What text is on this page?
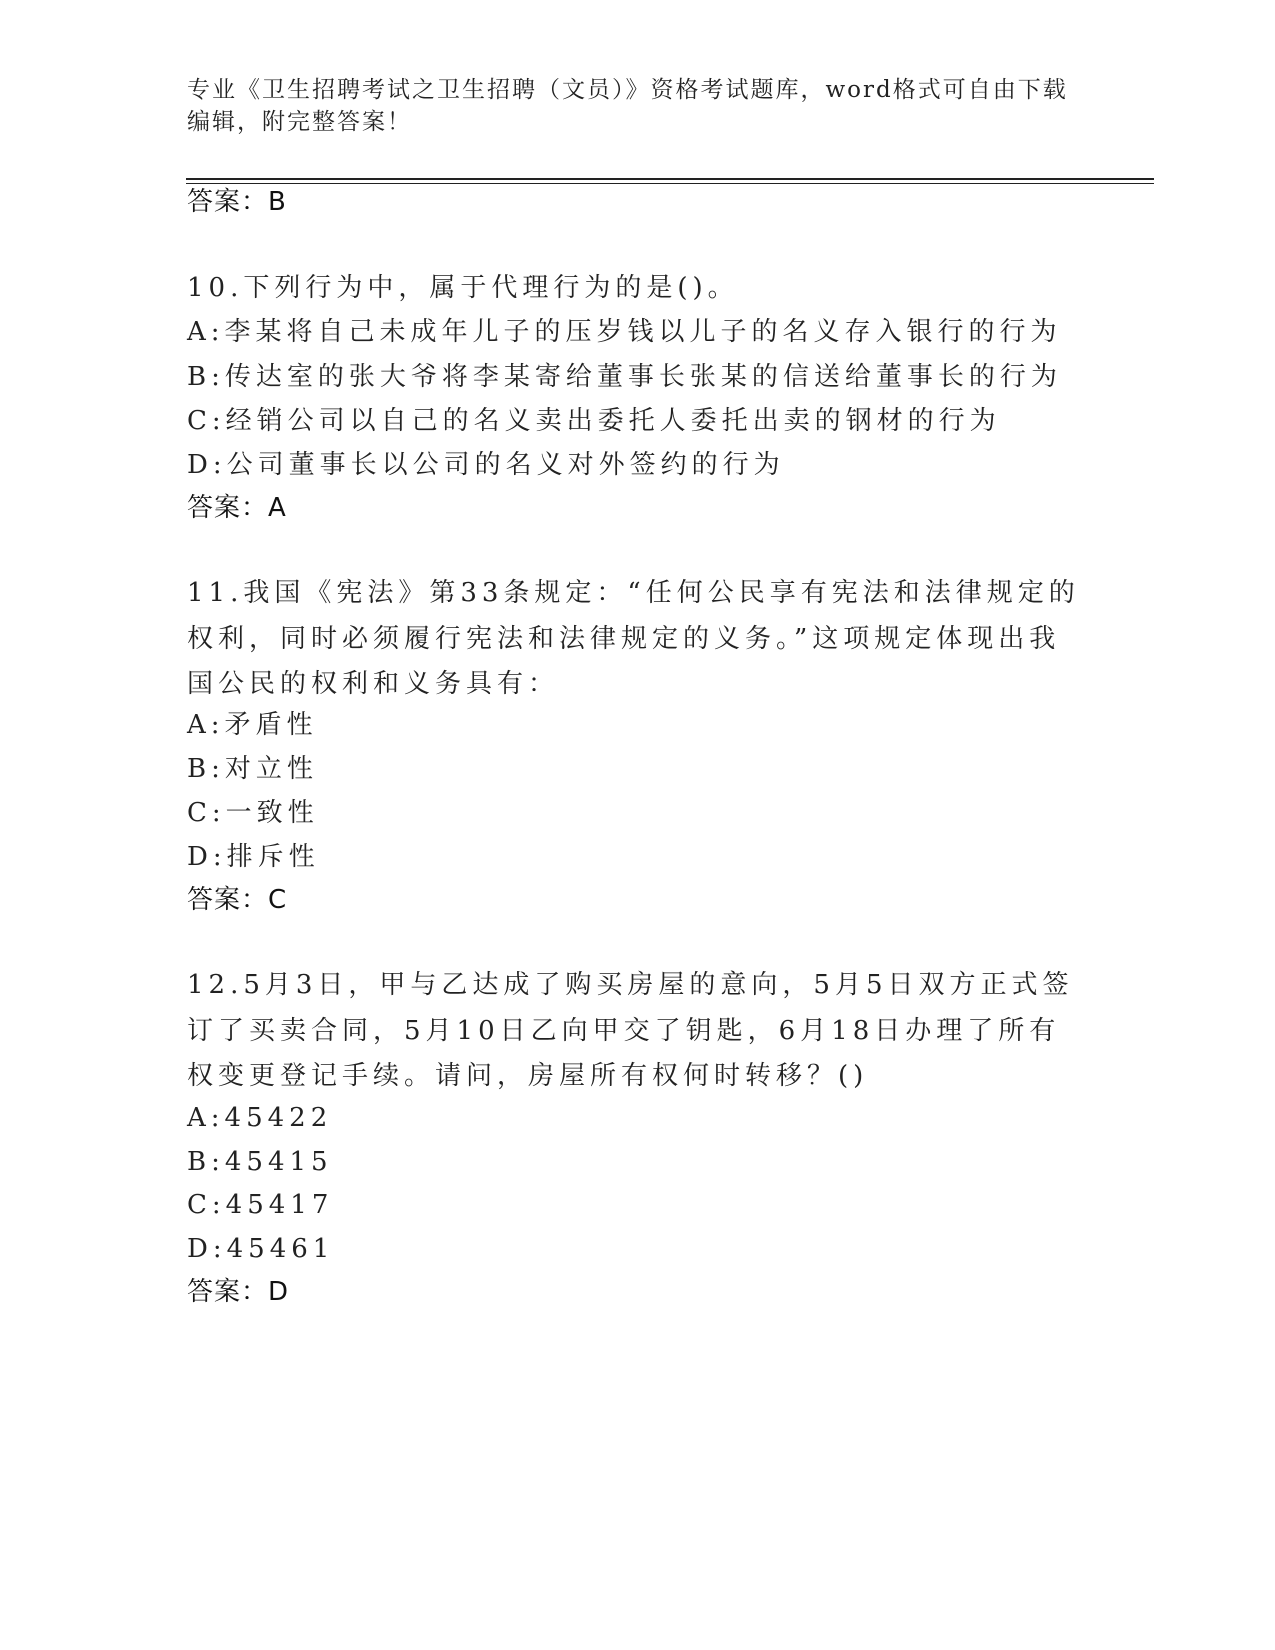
专业《卫生招聘考试之卫生招聘（文员）》资格考试题库，word格式可自由下载编辑，附完整答案！
答案：B
10.下列行为中，属于代理行为的是()。
A:李某将自己未成年儿子的压岁钱以儿子的名义存入银行的行为
B:传达室的张大爷将李某寄给董事长张某的信送给董事长的行为
C:经销公司以自己的名义卖出委托人委托出卖的钢材的行为
D:公司董事长以公司的名义对外签约的行为
答案：A
11.我国《宪法》第33条规定：“任何公民享有宪法和法律规定的权利，同时必须履行宪法和法律规定的义务。”这项规定体现出我国公民的权利和义务具有：
A:矛盾性
B:对立性
C:一致性
D:排斥性
答案：C
12.5月3日，甲与乙达成了购买房屋的意向，5月5日双方正式签订了买卖合同，5月10日乙向甲交了钥匙，6月18日办理了所有权变更登记手续。请问，房屋所有权何时转移？()
A:45422
B:45415
C:45417
D:45461
答案：D
